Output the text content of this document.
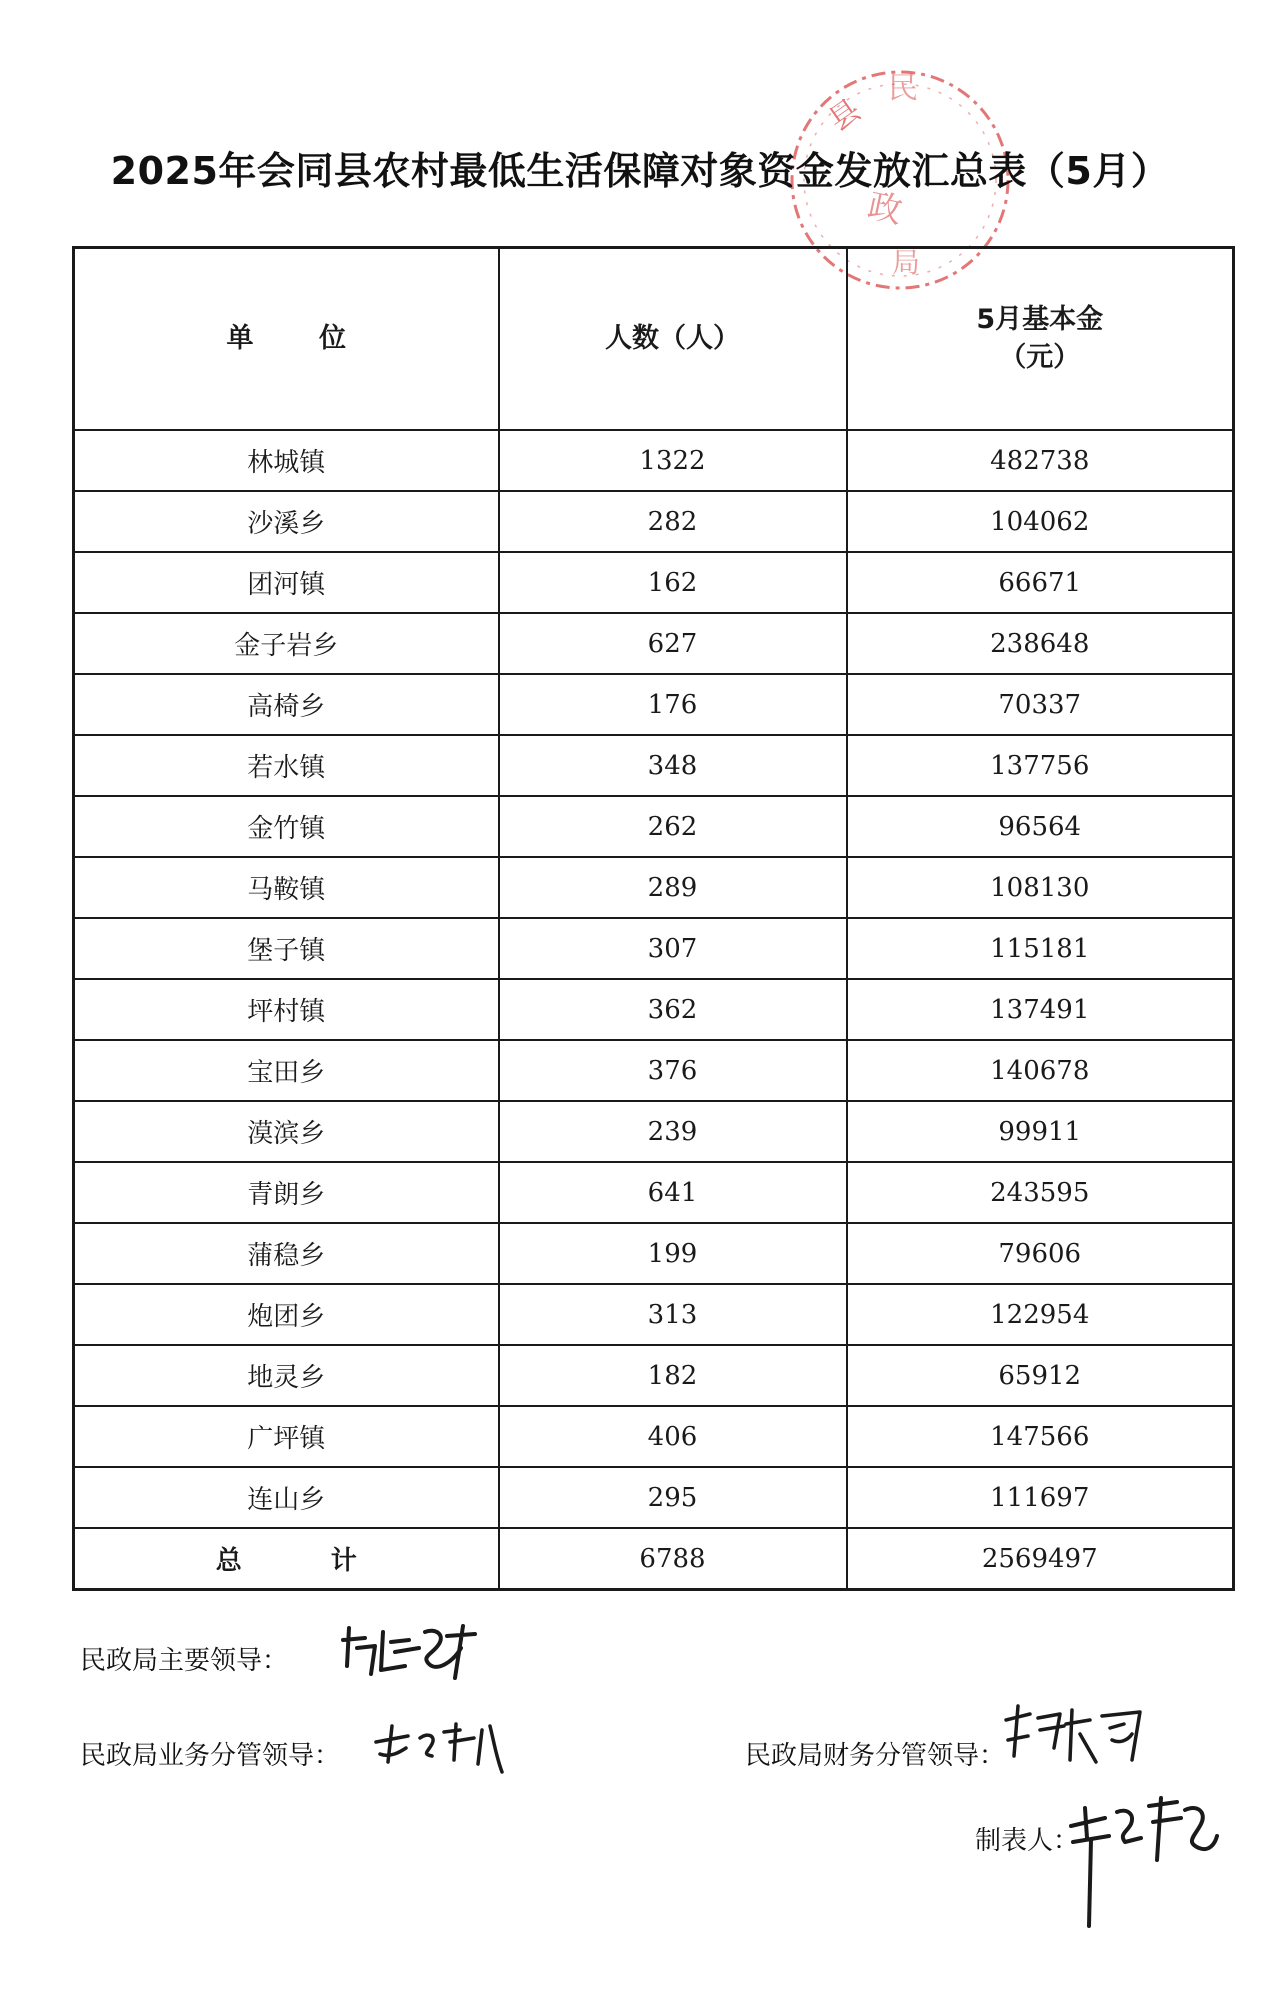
县
民
政
局
2025年会同县农村最低生活保障对象资金发放汇总表（5月）
单 位	人数（人）	5月基本金
（元）

林城镇	1322	482738
沙溪乡	282	104062
团河镇	162	66671
金子岩乡	627	238648
高椅乡	176	70337
若水镇	348	137756
金竹镇	262	96564
马鞍镇	289	108130
堡子镇	307	115181
坪村镇	362	137491
宝田乡	376	140678
漠滨乡	239	99911
青朗乡	641	243595
蒲稳乡	199	79606
炮团乡	313	122954
地灵乡	182	65912
广坪镇	406	147566
连山乡	295	111697
总 计	6788	2569497
民政局主要领导：
民政局业务分管领导：	民政局财务分管领导：
制表人：
